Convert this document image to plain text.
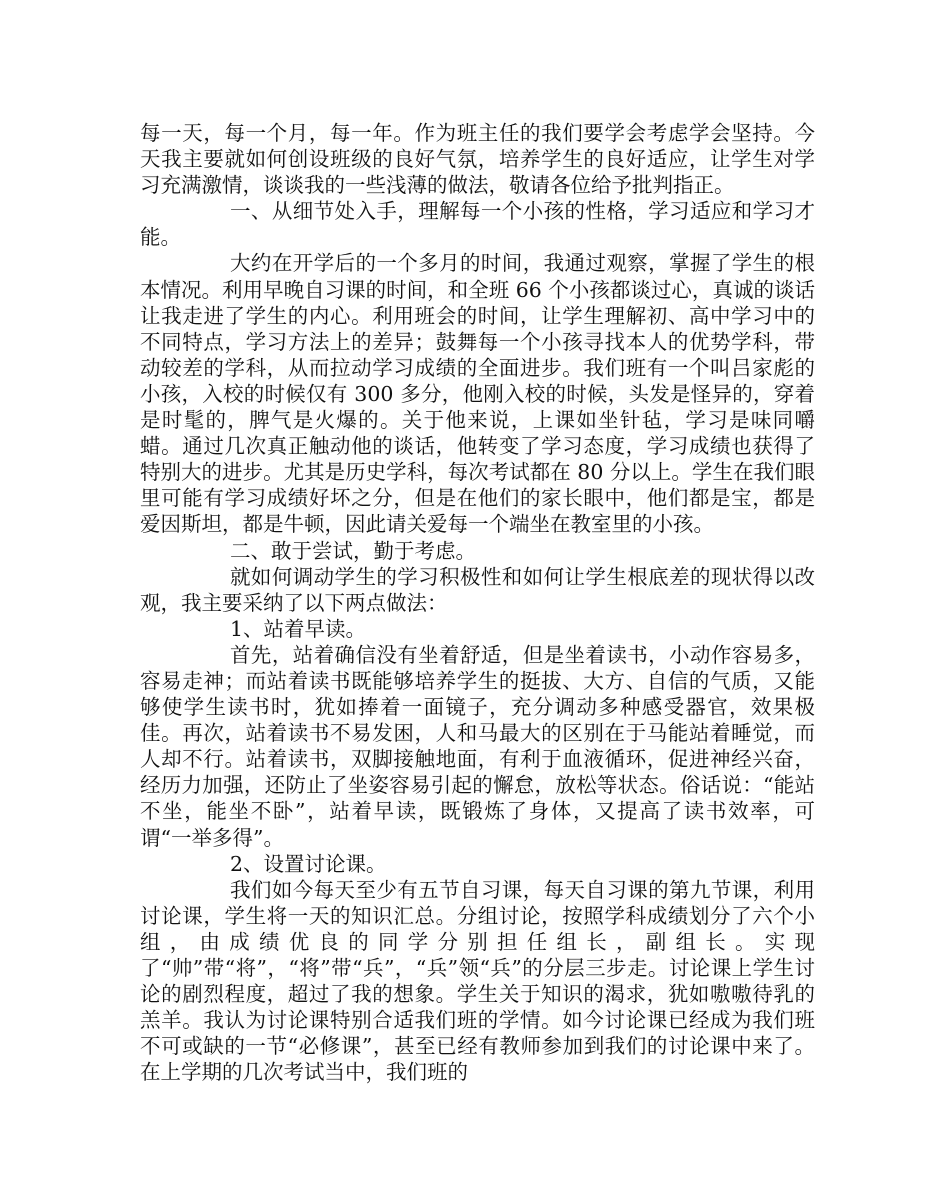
每一天，每一个月，每一年。作为班主任的我们要学会考虑学会坚持。今天我主要就如何创设班级的良好气氛，培养学生的良好适应，让学生对学习充满激情，谈谈我的一些浅薄的做法，敬请各位给予批判指正。

一、从细节处入手，理解每一个小孩的性格，学习适应和学习才能。

大约在开学后的一个多月的时间，我通过观察，掌握了学生的根本情况。利用早晚自习课的时间，和全班 66 个小孩都谈过心，真诚的谈话让我走进了学生的内心。利用班会的时间，让学生理解初、高中学习中的不同特点，学习方法上的差异；鼓舞每一个小孩寻找本人的优势学科，带动较差的学科，从而拉动学习成绩的全面进步。我们班有一个叫吕家彪的小孩，入校的时候仅有 300 多分，他刚入校的时候，头发是怪异的，穿着是时髦的，脾气是火爆的。关于他来说，上课如坐针毡，学习是味同嚼蜡。通过几次真正触动他的谈话，他转变了学习态度，学习成绩也获得了特别大的进步。尤其是历史学科，每次考试都在 80 分以上。学生在我们眼里可能有学习成绩好坏之分，但是在他们的家长眼中，他们都是宝，都是爱因斯坦，都是牛顿，因此请关爱每一个端坐在教室里的小孩。

二、敢于尝试，勤于考虑。

就如何调动学生的学习积极性和如何让学生根底差的现状得以改观，我主要采纳了以下两点做法：

1、站着早读。

首先，站着确信没有坐着舒适，但是坐着读书，小动作容易多，容易走神；而站着读书既能够培养学生的挺拔、大方、自信的气质，又能够使学生读书时，犹如捧着一面镜子，充分调动多种感受器官，效果极佳。再次，站着读书不易发困，人和马最大的区别在于马能站着睡觉，而人却不行。站着读书，双脚接触地面，有利于血液循环，促进神经兴奋，经历力加强，还防止了坐姿容易引起的懈怠，放松等状态。俗话说：“能站不坐，能坐不卧”，站着早读，既锻炼了身体，又提高了读书效率，可谓“一举多得”。

2、设置讨论课。

我们如今每天至少有五节自习课，每天自习课的第九节课，利用讨论课，学生将一天的知识汇总。分组讨论，按照学科成绩划分了六个小组，由成绩优良的同学分别担任组长，副组长。实现了“帅”带“将”，“将”带“兵”，“兵”领“兵”的分层三步走。讨论课上学生讨论的剧烈程度，超过了我的想象。学生关于知识的渴求，犹如嗷嗷待乳的羔羊。我认为讨论课特别合适我们班的学情。如今讨论课已经成为我们班不可或缺的一节“必修课”，甚至已经有教师参加到我们的讨论课中来了。在上学期的几次考试当中，我们班的
